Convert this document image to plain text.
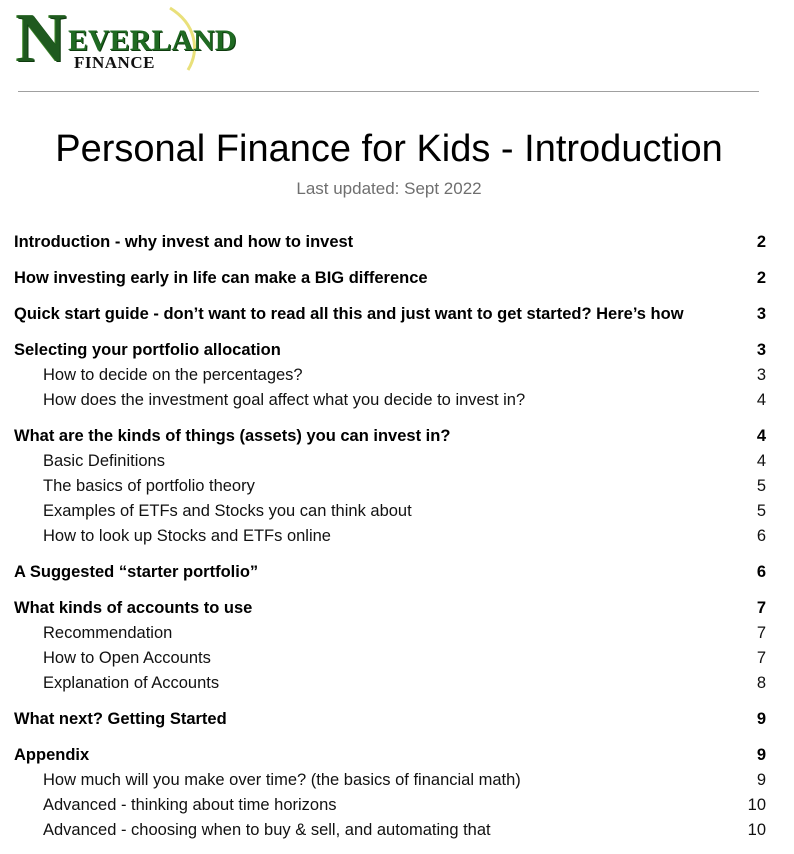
N EVERLAND
FINANCE
Personal Finance for Kids - Introduction
Last updated: Sept 2022
Introduction - why invest and how to invest	2
How investing early in life can make a BIG difference	2
Quick start guide - don’t want to read all this and just want to get started? Here’s how	3
Selecting your portfolio allocation	3
How to decide on the percentages?	3
How does the investment goal affect what you decide to invest in?	4
What are the kinds of things (assets) you can invest in?	4
Basic Definitions	4
The basics of portfolio theory	5
Examples of ETFs and Stocks you can think about	5
How to look up Stocks and ETFs online	6
A Suggested “starter portfolio”	6
What kinds of accounts to use	7
Recommendation	7
How to Open Accounts	7
Explanation of Accounts	8
What next? Getting Started	9
Appendix	9
How much will you make over time? (the basics of financial math)	9
Advanced - thinking about time horizons	10
Advanced - choosing when to buy & sell, and automating that	10
